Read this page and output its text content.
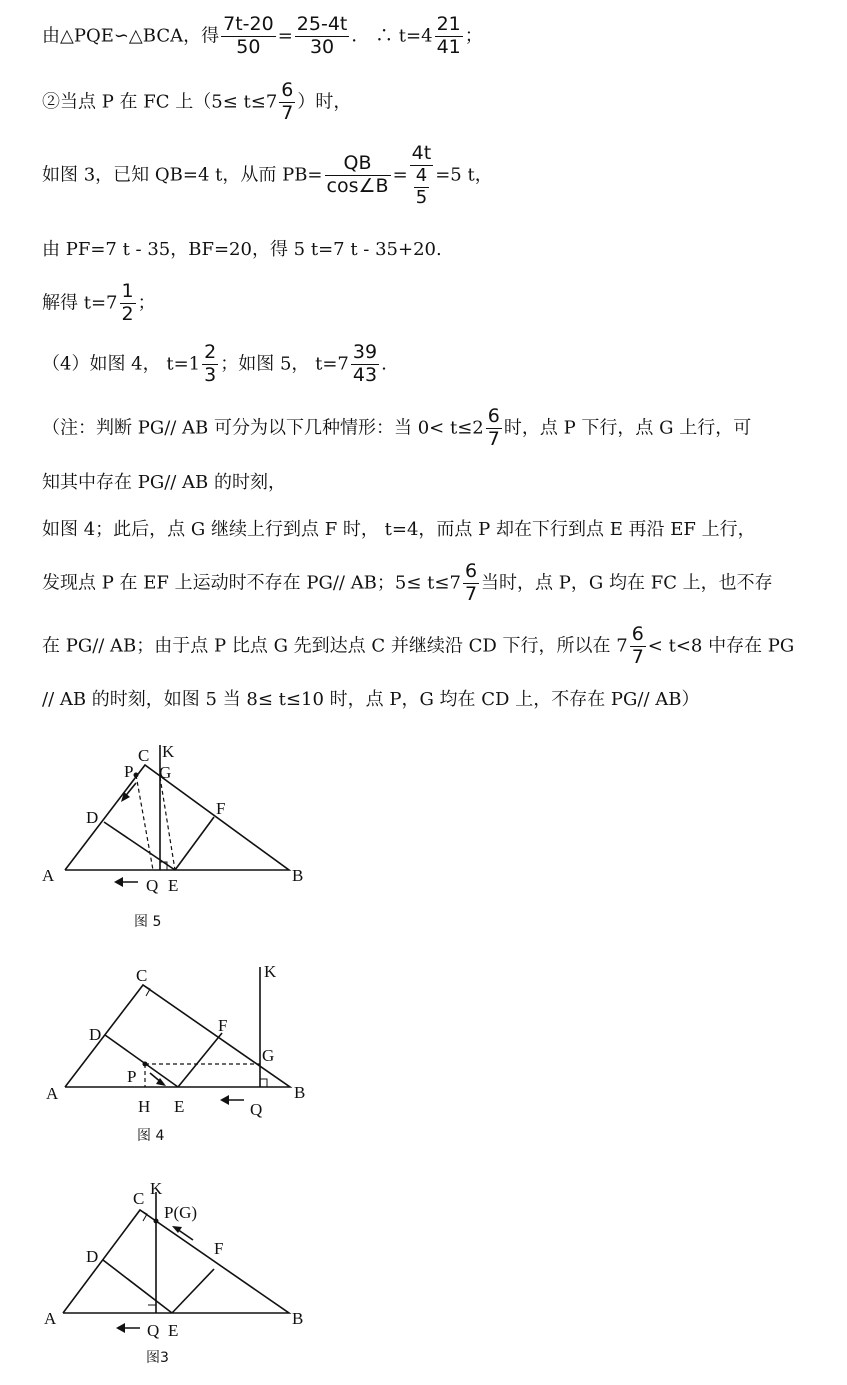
由△PQE∽△BCA，得 $\frac{7t-20}{50} = \frac{25-4t}{30}$ ． ∴ $t=4 \frac{21}{41}$ ；
②当点 P 在 FC 上（$5\le t\le 7 \frac{6}{7}$ ）时，
如图 3，已知 QB=4 t，从而 $PB= \frac{QB}{\cos\angle B} = \frac{4t}{\frac{4}{5}} =5$ t，
由 PF=7 t - 35，BF=20，得 5 t=7 t - 35+20.
解得 $t=7 \frac{1}{2}$ ；
（4）如图 4， $t=1 \frac{2}{3}$ ；如图 5， $t=7 \frac{39}{43}$ .
（注：判断 PG// AB 可分为以下几种情形：当 $0< t\le 2 \frac{6}{7}$ 时，点 P 下行，点 G 上行，可
知其中存在 PG// AB 的时刻，
如图 4；此后，点 G 继续上行到点 F 时， t=4，而点 P 却在下行到点 E 再沿 EF 上行，
发现点 P 在 EF 上运动时不存在 PG// AB；$5\le t\le 7 \frac{6}{7}$ 当时，点 P，G 均在 FC 上，也不存
在 PG// AB；由于点 P 比点 G 先到达点 C 并继续沿 CD 下行，所以在 $7 \frac{6}{7} < t<8$ 中存在 PG
// AB 的时刻，如图 5 当 8≤ t≤10 时，点 P，G 均在 CD 上，不存在 PG// AB）
A	B
C K
G
P
D	F
Q E
图 5
A	B
C	K
G
P
D	F
H E	Q
图 4
A	B
C
K
P(G)
D	F
Q E
图3
